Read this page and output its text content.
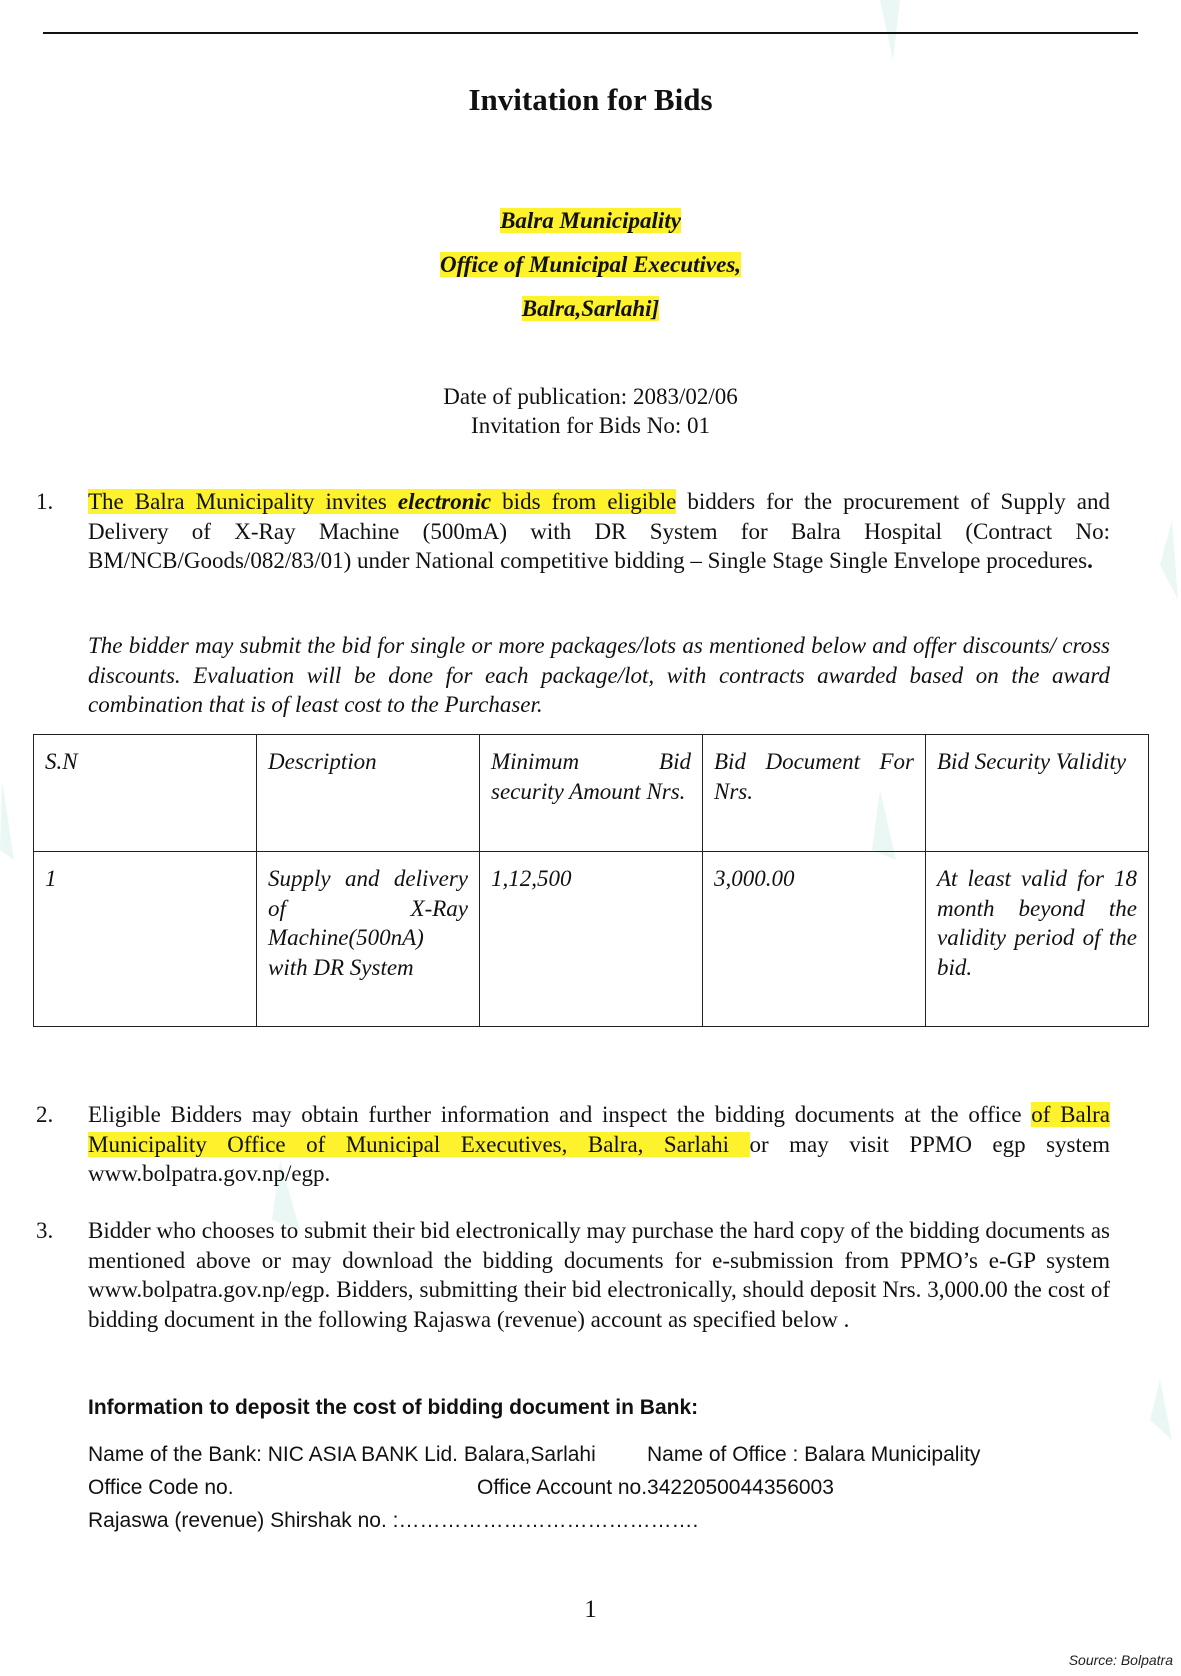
Invitation for Bids
Balra Municipality
Office of Municipal Executives,
Balra,Sarlahi]
Date of publication: 2083/02/06
Invitation for Bids No: 01
1. The Balra Municipality invites electronic bids from eligible bidders for the procurement of Supply and Delivery of X-Ray Machine (500mA) with DR System for Balra Hospital (Contract No: BM/NCB/Goods/082/83/01) under National competitive bidding – Single Stage Single Envelope procedures.
The bidder may submit the bid for single or more packages/lots as mentioned below and offer discounts/ cross discounts. Evaluation will be done for each package/lot, with contracts awarded based on the award combination that is of least cost to the Purchaser.
S.N	Description	Minimum Bid security Amount Nrs.	Bid Document For Nrs.	Bid Security Validity
1	Supply and delivery of X-Ray Machine(500nA) with DR System	1,12,500	3,000.00	At least valid for 18 month beyond the validity period of the bid.
2. Eligible Bidders may obtain further information and inspect the bidding documents at the office of Balra Municipality Office of Municipal Executives, Balra, Sarlahi or may visit PPMO egp system www.bolpatra.gov.np/egp.
3. Bidder who chooses to submit their bid electronically may purchase the hard copy of the bidding documents as mentioned above or may download the bidding documents for e-submission from PPMO’s e-GP system www.bolpatra.gov.np/egp. Bidders, submitting their bid electronically, should deposit Nrs. 3,000.00 the cost of bidding document in the following Rajaswa (revenue) account as specified below .
Information to deposit the cost of bidding document in Bank:
Name of the Bank: NIC ASIA BANK Lid. Balara,Sarlahi Name of Office : Balara Municipality
Office Code no.	Office Account no.3422050044356003
Rajaswa (revenue) Shirshak no. :…………………………………….
1
Source: Bolpatra
